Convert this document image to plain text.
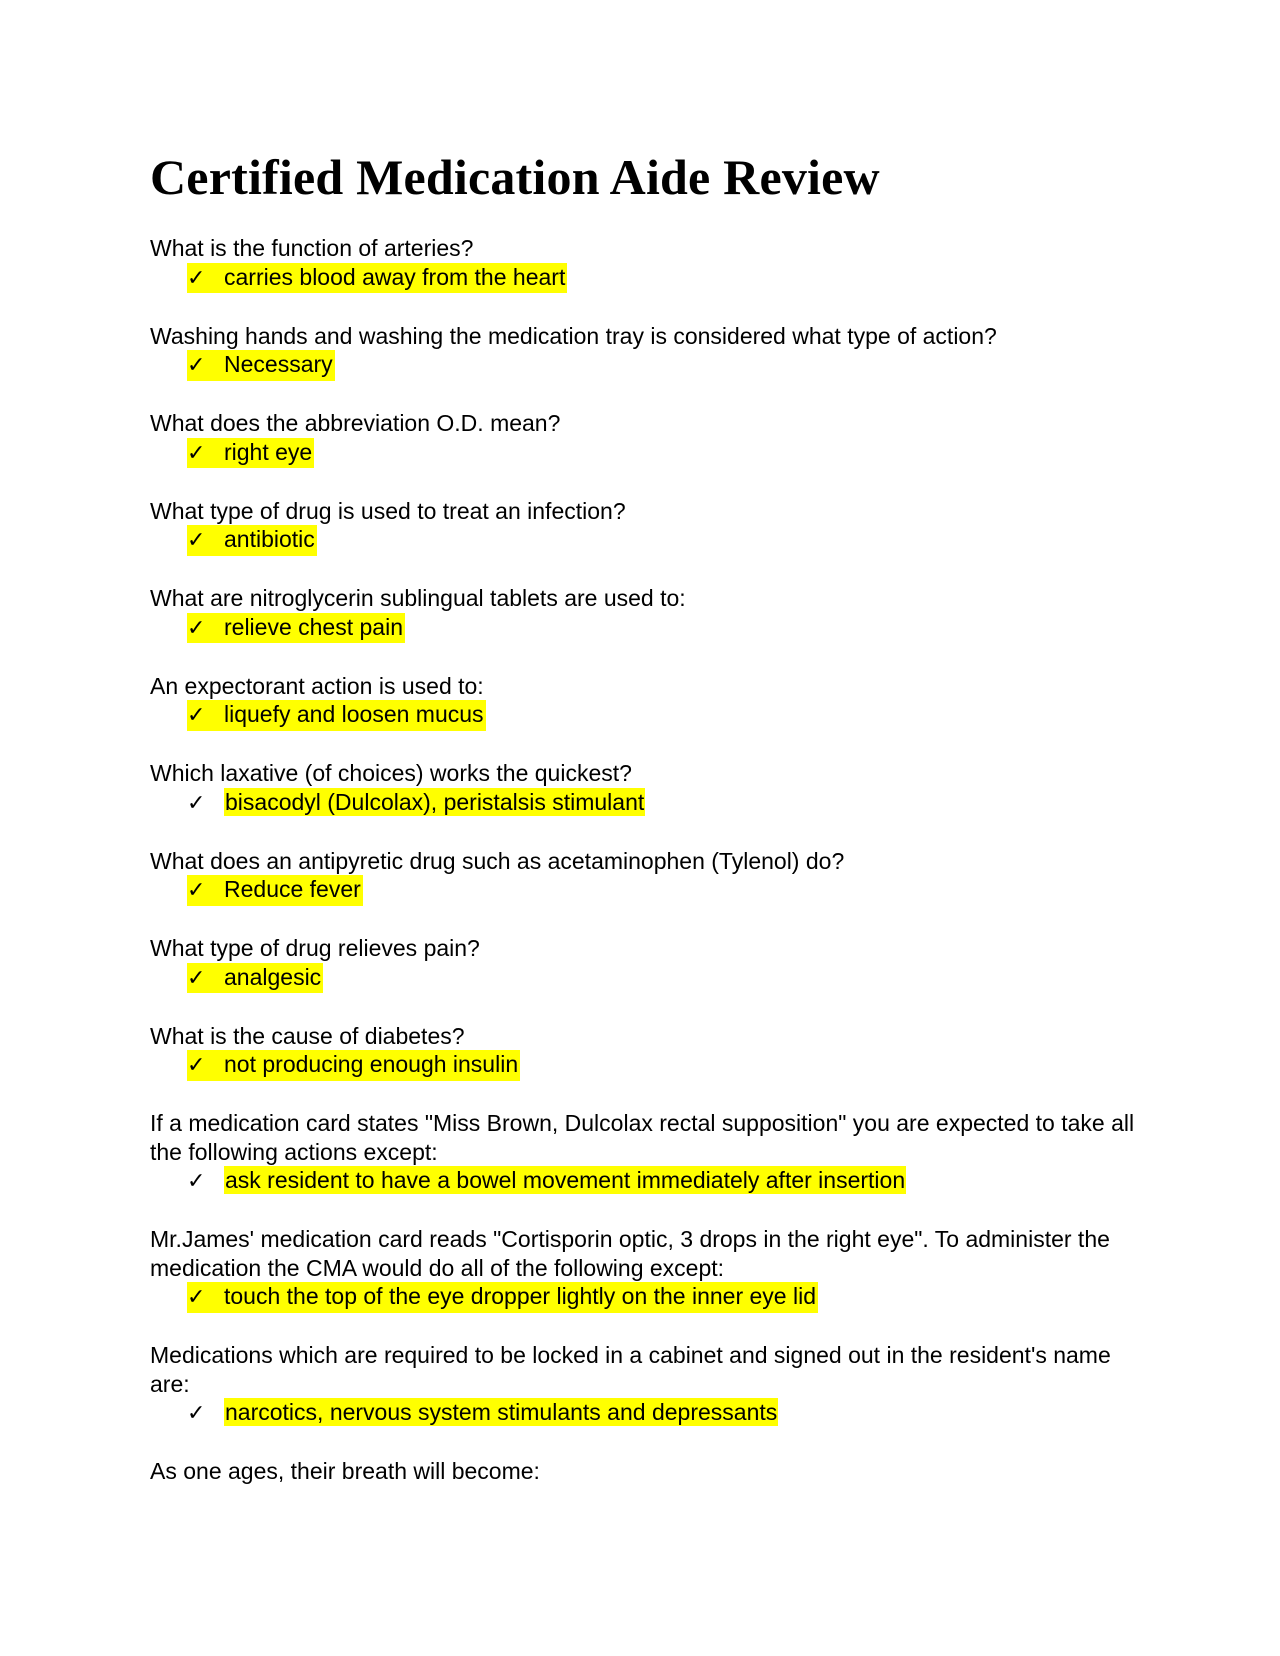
Certified Medication Aide Review

What is the function of arteries?

✓ carries blood away from the heart

Washing hands and washing the medication tray is considered what type of action?

✓ Necessary

What does the abbreviation O.D. mean?

✓ right eye

What type of drug is used to treat an infection?

✓ antibiotic

What are nitroglycerin sublingual tablets are used to:

✓ relieve chest pain

An expectorant action is used to:

✓ liquefy and loosen mucus

Which laxative (of choices) works the quickest?

✓ bisacodyl (Dulcolax), peristalsis stimulant

What does an antipyretic drug such as acetaminophen (Tylenol) do?

✓ Reduce fever

What type of drug relieves pain?

✓ analgesic

What is the cause of diabetes?

✓ not producing enough insulin

If a medication card states "Miss Brown, Dulcolax rectal supposition" you are expected to take all the following actions except:

✓ ask resident to have a bowel movement immediately after insertion

Mr.James' medication card reads "Cortisporin optic, 3 drops in the right eye". To administer the medication the CMA would do all of the following except:

✓ touch the top of the eye dropper lightly on the inner eye lid

Medications which are required to be locked in a cabinet and signed out in the resident's name are:

✓ narcotics, nervous system stimulants and depressants

As one ages, their breath will become:
